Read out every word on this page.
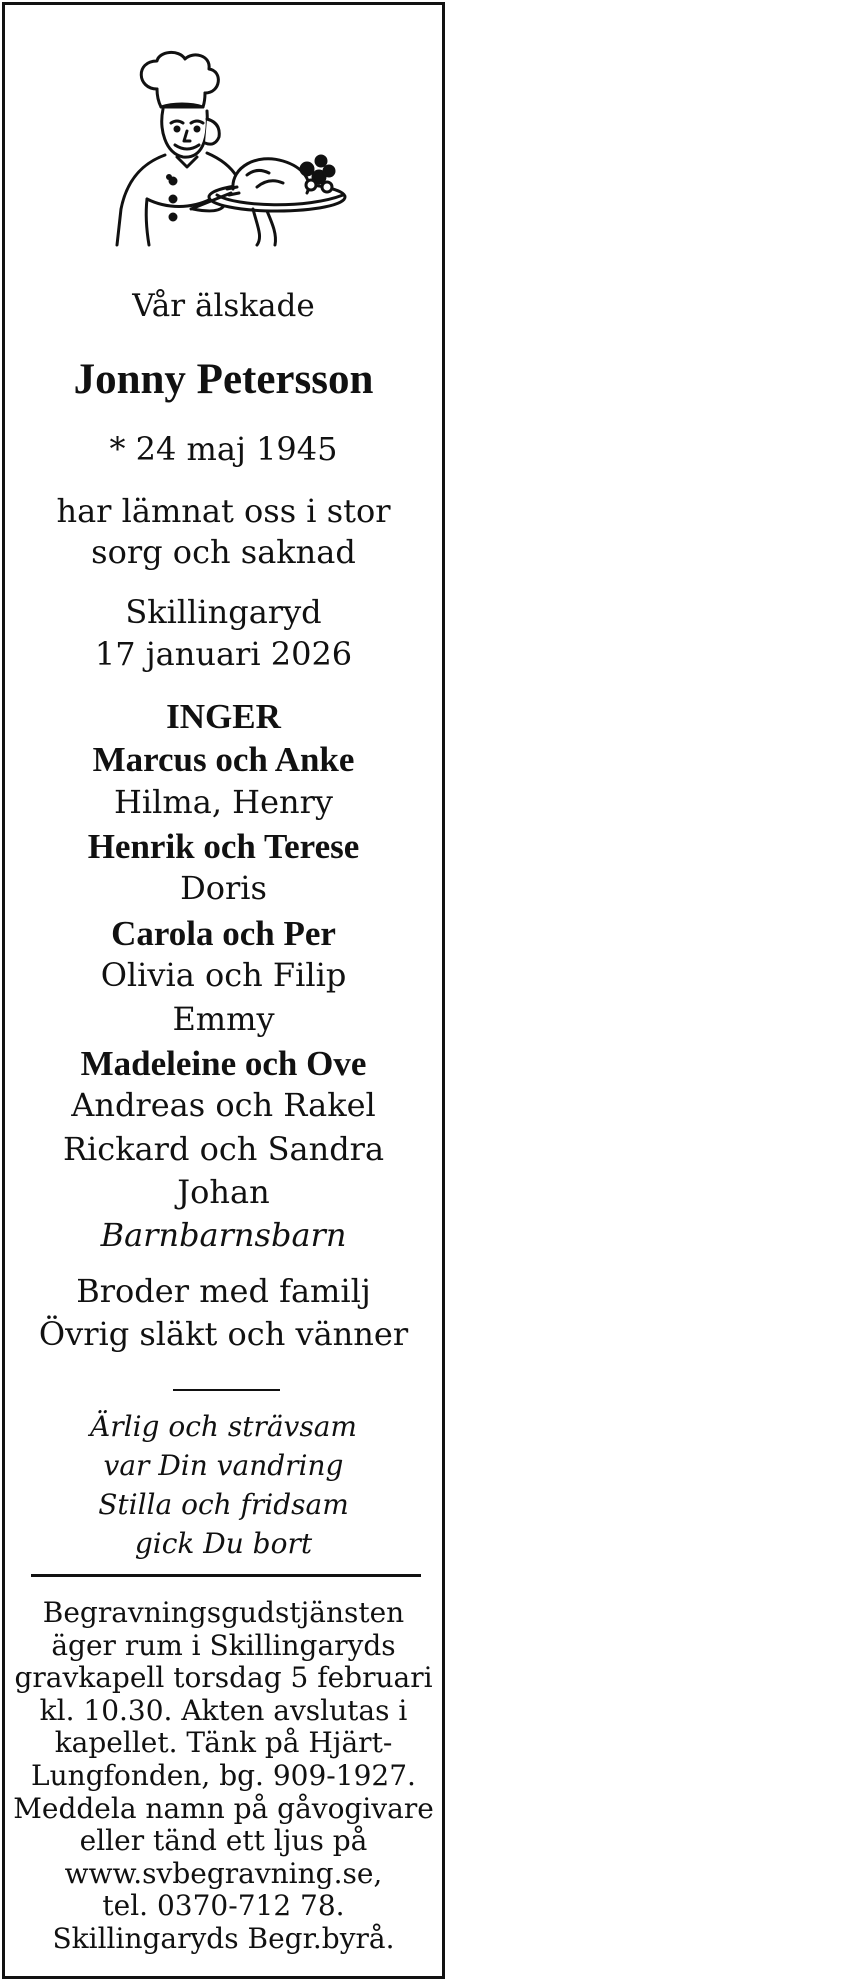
Vår älskade
Jonny Petersson
* 24 maj 1945
har lämnat oss i stor
sorg och saknad
Skillingaryd
17 januari 2026
INGER
Marcus och Anke
Hilma, Henry
Henrik och Terese
Doris
Carola och Per
Olivia och Filip
Emmy
Madeleine och Ove
Andreas och Rakel
Rickard och Sandra
Johan
Barnbarnsbarn
Broder med familj
Övrig släkt och vänner
Ärlig och strävsam
var Din vandring
Stilla och fridsam
gick Du bort
Begravningsgudstjänsten
äger rum i Skillingaryds
gravkapell torsdag 5 februari
kl. 10.30. Akten avslutas i
kapellet. Tänk på Hjärt-
Lungfonden, bg. 909-1927.
Meddela namn på gåvogivare
eller tänd ett ljus på
www.svbegravning.se,
tel. 0370-712 78.
Skillingaryds Begr.byrå.
